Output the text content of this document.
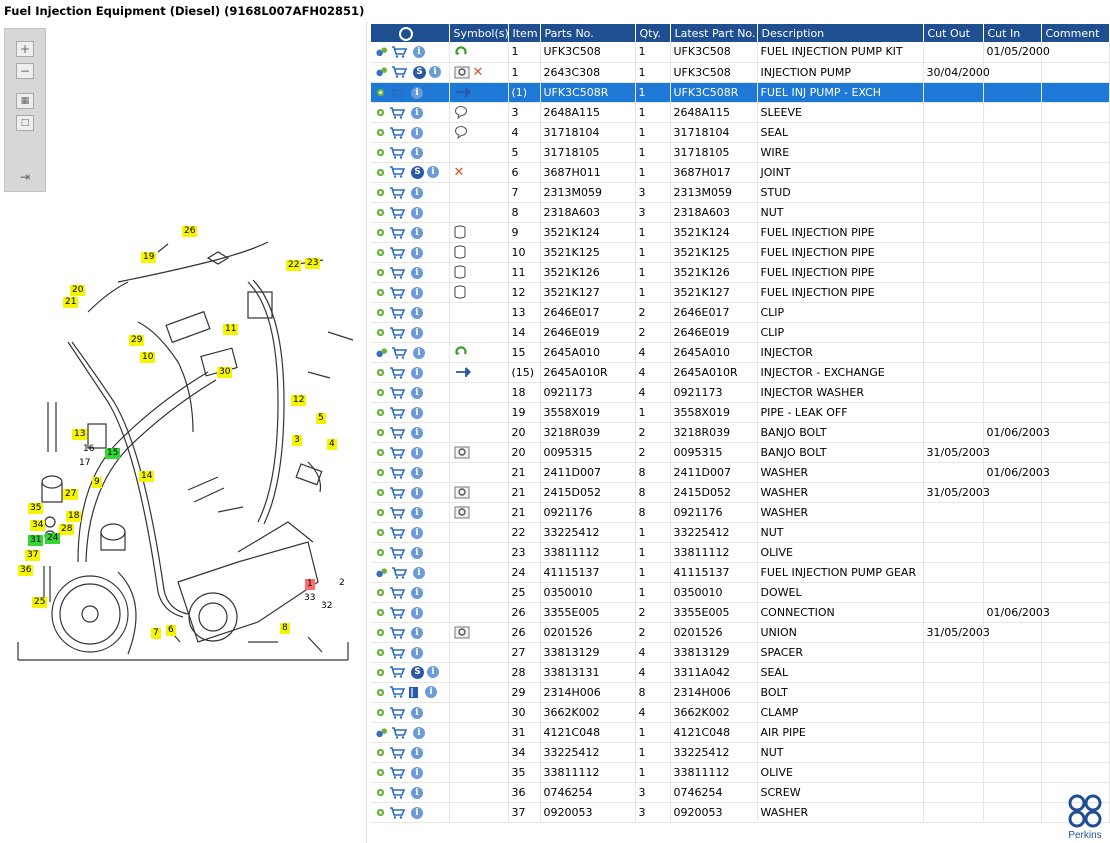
Fuel Injection Equipment (Diesel) (9168L007AFH02851)
+
−
▦
□
⇥
26
19
20
21
29
10
30
11
22 23
12
13
16 15
17
3	4
5
35
34
18
9
27
28
24
31
37
36
25
14
1	2
33
32
7 6	8
	Symbol(s)	Item	Parts No.	Qty.	Latest Part No.	Description	Cut Out	Cut In	Comment
i		1	UFK3C508	1	UFK3C508	FUEL INJECTION PUMP KIT		01/05/2000	
S i	✕	1	2643C308	1	UFK3C508	INJECTION PUMP	30/04/2000		
i		(1)	UFK3C508R	1	UFK3C508R	FUEL INJ PUMP - EXCH			
i		3	2648A115	1	2648A115	SLEEVE			
i		4	31718104	1	31718104	SEAL			
i		5	31718105	1	31718105	WIRE			
S i	✕	6	3687H011	1	3687H017	JOINT			
i		7	2313M059	3	2313M059	STUD			
i		8	2318A603	3	2318A603	NUT			
i		9	3521K124	1	3521K124	FUEL INJECTION PIPE			
i		10	3521K125	1	3521K125	FUEL INJECTION PIPE			
i		11	3521K126	1	3521K126	FUEL INJECTION PIPE			
i		12	3521K127	1	3521K127	FUEL INJECTION PIPE			
i		13	2646E017	2	2646E017	CLIP			
i		14	2646E019	2	2646E019	CLIP			
i		15	2645A010	4	2645A010	INJECTOR			
i		(15)	2645A010R	4	2645A010R	INJECTOR - EXCHANGE			
i		18	0921173	4	0921173	INJECTOR WASHER			
i		19	3558X019	1	3558X019	PIPE - LEAK OFF			
i		20	3218R039	2	3218R039	BANJO BOLT		01/06/2003	
i		20	0095315	2	0095315	BANJO BOLT	31/05/2003		
i		21	2411D007	8	2411D007	WASHER		01/06/2003	
i		21	2415D052	8	2415D052	WASHER	31/05/2003		
i		21	0921176	8	0921176	WASHER			
i		22	33225412	1	33225412	NUT			
i		23	33811112	1	33811112	OLIVE			
i		24	41115137	1	41115137	FUEL INJECTION PUMP GEAR			
i		25	0350010	1	0350010	DOWEL			
i		26	3355E005	2	3355E005	CONNECTION		01/06/2003	
i		26	0201526	2	0201526	UNION	31/05/2003		
i		27	33813129	4	33813129	SPACER			
S i		28	33813131	4	3311A042	SEAL			
i		29	2314H006	8	2314H006	BOLT			
i		30	3662K002	4	3662K002	CLAMP			
i		31	4121C048	1	4121C048	AIR PIPE			
i		34	33225412	1	33225412	NUT			
i		35	33811112	1	33811112	OLIVE			
i		36	0746254	3	0746254	SCREW			
i		37	0920053	3	0920053	WASHER			
Perkins
